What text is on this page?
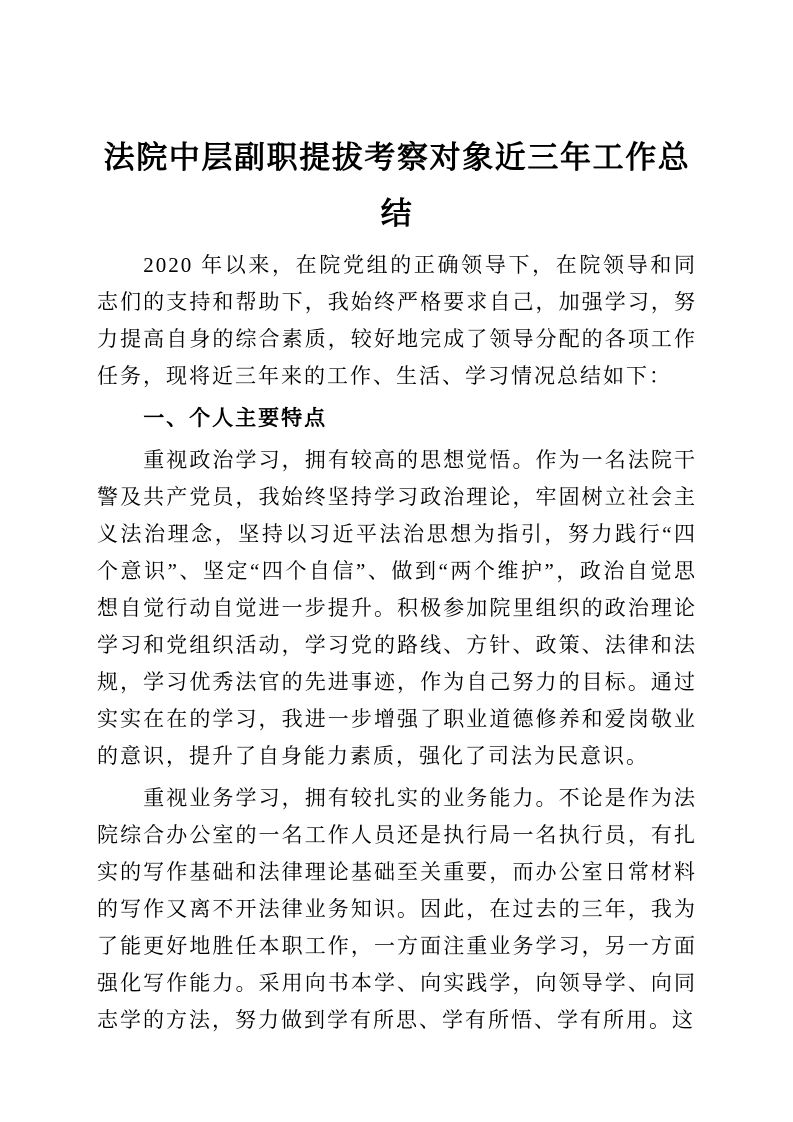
法院中层副职提拔考察对象近三年工作总结

2020 年以来，在院党组的正确领导下，在院领导和同志们的支持和帮助下，我始终严格要求自己，加强学习，努力提高自身的综合素质，较好地完成了领导分配的各项工作任务，现将近三年来的工作、生活、学习情况总结如下：

一、个人主要特点

重视政治学习，拥有较高的思想觉悟。作为一名法院干警及共产党员，我始终坚持学习政治理论，牢固树立社会主义法治理念，坚持以习近平法治思想为指引，努力践行“四个意识”、坚定“四个自信”、做到“两个维护”，政治自觉思想自觉行动自觉进一步提升。积极参加院里组织的政治理论学习和党组织活动，学习党的路线、方针、政策、法律和法规，学习优秀法官的先进事迹，作为自己努力的目标。通过实实在在的学习，我进一步增强了职业道德修养和爱岗敬业的意识，提升了自身能力素质，强化了司法为民意识。

重视业务学习，拥有较扎实的业务能力。不论是作为法院综合办公室的一名工作人员还是执行局一名执行员，有扎实的写作基础和法律理论基础至关重要，而办公室日常材料的写作又离不开法律业务知识。因此，在过去的三年，我为了能更好地胜任本职工作，一方面注重业务学习，另一方面强化写作能力。采用向书本学、向实践学，向领导学、向同志学的方法，努力做到学有所思、学有所悟、学有所用。这
